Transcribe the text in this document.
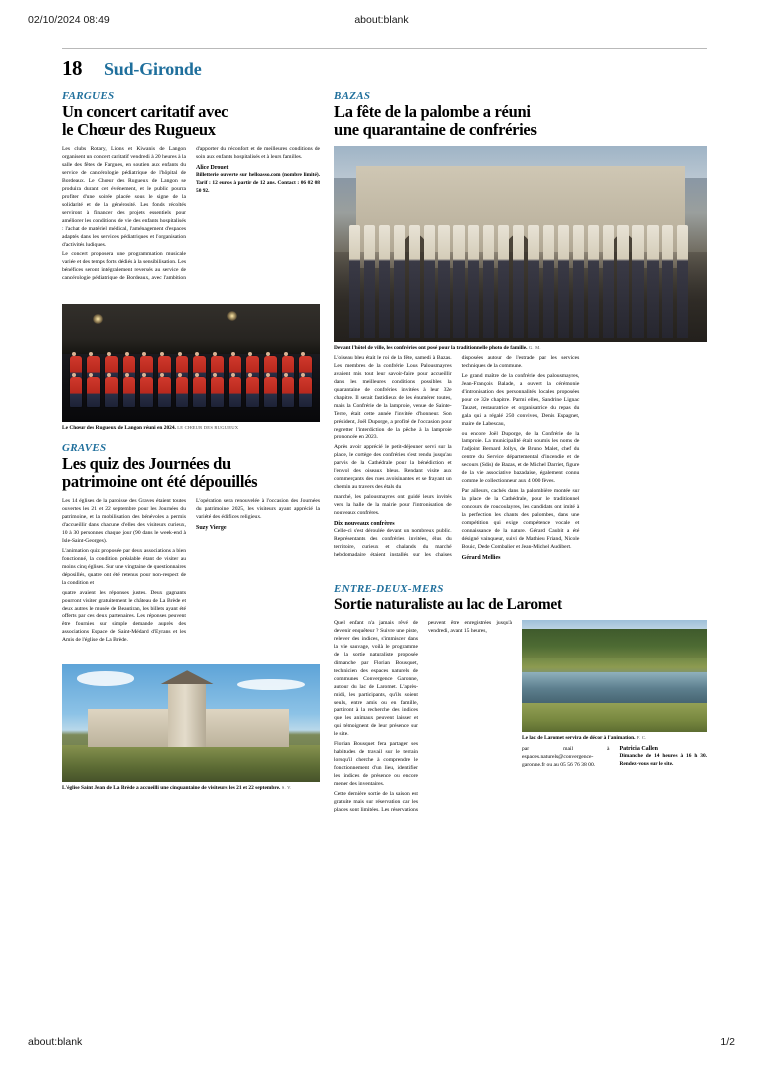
02/10/2024 08:49	about:blank
about:blank	1/2
18 Sud-Gironde
FARGUES
Un concert caritatif avec
le Chœur des Rugueux

Les clubs Rotary, Lions et Kiwanis de Langon organisent un concert caritatif vendredi à 20 heures à la salle des fêtes de Fargues, en soutien aux enfants du service de cancérologie pédiatrique de l'hôpital de Bordeaux. Le Chœur des Rugueux de Langon se produira durant cet événement, et le public pourra profiter d'une soirée placée sous le signe de la solidarité et de la générosité. Les fonds récoltés serviront à financer des projets essentiels pour améliorer les conditions de vie des enfants hospitalisés : l'achat de matériel médical, l'aménagement d'espaces adaptés dans les services pédiatriques et l'organisation d'activités ludiques.

Le concert proposera une programmation musicale variée et des temps forts dédiés à la sensibilisation. Les bénéfices seront intégralement reversés au service de cancérologie pédiatrique de Bordeaux, avec l'ambition d'apporter du réconfort et de meilleures conditions de soin aux enfants hospitalisés et à leurs familles.

Alice Drouet

Billetterie ouverte sur helloasso.com (nombre limité). Tarif : 12 euros à partir de 12 ans. Contact : 06 02 08 50 92.

Le Chœur des Rugueux de Langon réuni en 2024. LE CHŒUR DES RUGUEUX
GRAVES
Les quiz des Journées du
patrimoine ont été dépouillés

Les 14 églises de la paroisse des Graves étaient toutes ouvertes les 21 et 22 septembre pour les Journées du patrimoine, et la mobilisation des bénévoles a permis d'accueillir dans chacune d'elles des visiteurs curieux, 10 à 30 personnes chaque jour (90 dans le week-end à Isle-Saint-Georges).

L'animation quiz proposée par deux associations a bien fonctionné, la condition préalable étant de visiter au moins cinq églises. Sur une vingtaine de questionnaires déposillés, quatre ont été retenus pour non-respect de la condition et

quatre avaient les réponses justes. Deux gagnants pourront visiter gratuitement le château de La Brède et deux autres le musée de Beautiran, les billets ayant été offerts par ces deux partenaires. Les réponses peuvent être fournies sur simple demande auprès des associations Espace de Saint-Médard d'Eyrans et les Amis de l'église de La Brède.

L'opération sera renouvelée à l'occasion des Journées du patrimoine 2025, les visiteurs ayant apprécié la variété des édifices religieux.

Suzy Vierge

L'église Saint Jean de La Brède a accueilli une cinquantaine de visiteurs les 21 et 22 septembre. S. V.
BAZAS
La fête de la palombe a réuni
une quarantaine de confréries
Devant l'hôtel de ville, les confréries ont posé pour la traditionnelle photo de famille. G. M.

L'oiseau bleu était le roi de la fête, samedi à Bazas. Les membres de la confrérie Lous Palousmayres avaient mis tout leur savoir-faire pour accueillir dans les meilleures conditions possibles la quarantaine de confréries invitées à leur 32e chapitre. Il serait fastidieux de les énumérer toutes, mais la Confrérie de la lamproie, venue de Sainte-Terre, était cette année l'invitée d'honneur. Son président, Joël Duporge, a profité de l'occasion pour regretter l'interdiction de la pêche à la lamproie prononcée en 2023.

Après avoir apprécié le petit-déjeuner servi sur la place, le cortège des confréries s'est rendu jusqu'au parvis de la Cathédrale pour la bénédiction et l'envol des oiseaux bleus. Rendant visite aux commerçants des rues avoisinantes et se frayant un chemin au travers des étals du

marché, les palousmayres ont guidé leurs invités vers la halle de la mairie pour l'intronisation de nouveaux confrères.

Dix nouveaux confrères

Celle-ci s'est déroulée devant un nombreux public. Représentants des confréries invitées, élus du territoire, curieux et chalands du marché hebdomadaire étaient installés sur les chaises disposées autour de l'estrade par les services techniques de la commune.

Le grand maître de la confrérie des palousmayres, Jean-François Balade, a ouvert la cérémonie d'intronisation des personnalités locales proposées pour ce 32e chapitre. Parmi elles, Sandrine Lignac Tauzet, restauratrice et organisatrice du repas du gala qui a régalé 250 convives, Denis Espagnet, maire de Labescau,

ou encore Joël Duporge, de la Confrérie de la lamproie. La municipalité était soumis les noms de l'adjoint Bernard Jollys, de Bruno Malet, chef du centre du Service départemental d'incendie et de secours (Sdis) de Bazas, et de Michel Darriet, figure de la vie associative bazadaise, également connu comme le collectionneur aux 4 000 fèves.

Par ailleurs, cachés dans la palombière montée sur la place de la Cathédrale, pour le traditionnel concours de roucoulayres, les candidats ont imité à la perfection les chants des palombes, dans une compétition qui exige compétence vocale et connaissance de la nature. Gérard Caubit a été désigné vainqueur, suivi de Mathieu Friand, Nicole Bouic, Dede Combalier et Jean-Michel Audibert.

Gérard Mellies

ENTRE-DEUX-MERS
Sortie naturaliste au lac de Laromet

Quel enfant n'a jamais rêvé de devenir enquêteur ? Suivre une piste, relever des indices, s'immiscer dans la vie sauvage, voilà le programme de la sortie naturaliste proposée dimanche par Florian Bousquet, technicien des espaces naturels de communes Convergence Garonne, autour du lac de Laromet. L'après-midi, les participants, qu'ils soient seuls, entre amis ou en famille, partiront à la recherche des indices que les animaux peuvent laisser et qui témoignent de leur présence sur le site.

Florian Bousquet fera partager ses habitudes de travail sur le terrain lorsqu'il cherche à comprendre le fonctionnement d'un lieu, identifier les indices de présence ou encore mener des inventaires.

Cette dernière sortie de la saison est gratuite mais sur réservation car les places sont limitées. Les réservations peuvent être enregistrées jusqu'à vendredi, avant 15 heures,

Le lac de Laromet servira de décor à l'animation. F. C.

par mail à espaces.naturels@convergence-garonne.fr ou au 05 56 76 38 00.

Patricia Callen

Dimanche de 14 heures à 16 h 30. Rendez-vous sur le site.
